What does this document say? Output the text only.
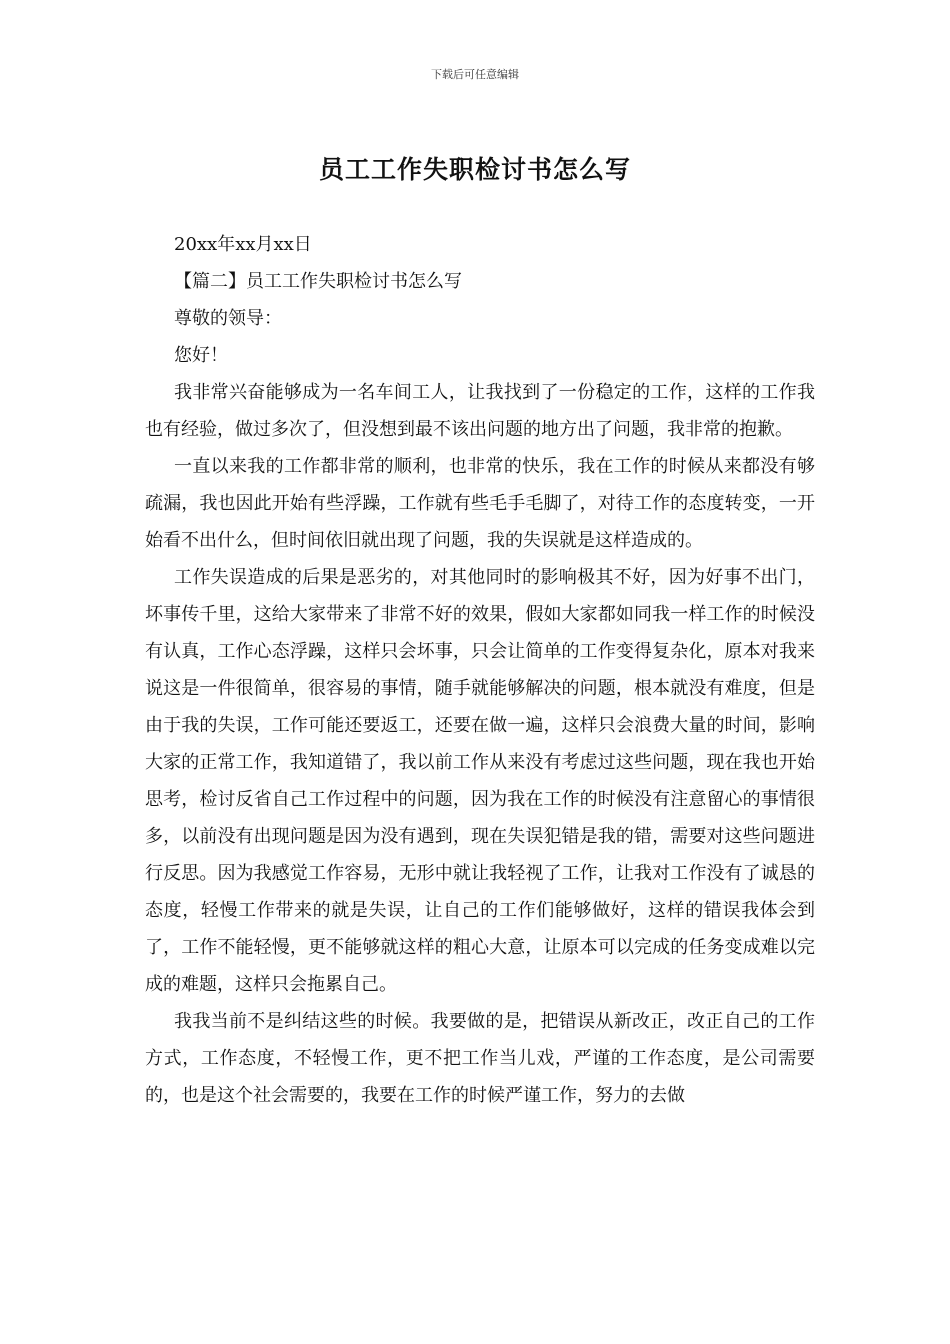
下载后可任意编辑
员工工作失职检讨书怎么写

20xx年xx月xx日

【篇二】员工工作失职检讨书怎么写

尊敬的领导：

您好！

我非常兴奋能够成为一名车间工人，让我找到了一份稳定的工作，这样的工作我也有经验，做过多次了，但没想到最不该出问题的地方出了问题，我非常的抱歉。

一直以来我的工作都非常的顺利，也非常的快乐，我在工作的时候从来都没有够疏漏，我也因此开始有些浮躁，工作就有些毛手毛脚了，对待工作的态度转变，一开始看不出什么，但时间依旧就出现了问题，我的失误就是这样造成的。

工作失误造成的后果是恶劣的，对其他同时的影响极其不好，因为好事不出门，坏事传千里，这给大家带来了非常不好的效果，假如大家都如同我一样工作的时候没有认真，工作心态浮躁，这样只会坏事，只会让简单的工作变得复杂化，原本对我来说这是一件很简单，很容易的事情，随手就能够解决的问题，根本就没有难度，但是由于我的失误，工作可能还要返工，还要在做一遍，这样只会浪费大量的时间，影响大家的正常工作，我知道错了，我以前工作从来没有考虑过这些问题，现在我也开始思考，检讨反省自己工作过程中的问题，因为我在工作的时候没有注意留心的事情很多，以前没有出现问题是因为没有遇到，现在失误犯错是我的错，需要对这些问题进行反思。因为我感觉工作容易，无形中就让我轻视了工作，让我对工作没有了诚恳的态度，轻慢工作带来的就是失误，让自己的工作们能够做好，这样的错误我体会到了，工作不能轻慢，更不能够就这样的粗心大意，让原本可以完成的任务变成难以完成的难题，这样只会拖累自己。

我我当前不是纠结这些的时候。我要做的是，把错误从新改正，改正自己的工作方式，工作态度，不轻慢工作，更不把工作当儿戏，严谨的工作态度，是公司需要的，也是这个社会需要的，我要在工作的时候严谨工作，努力的去做
